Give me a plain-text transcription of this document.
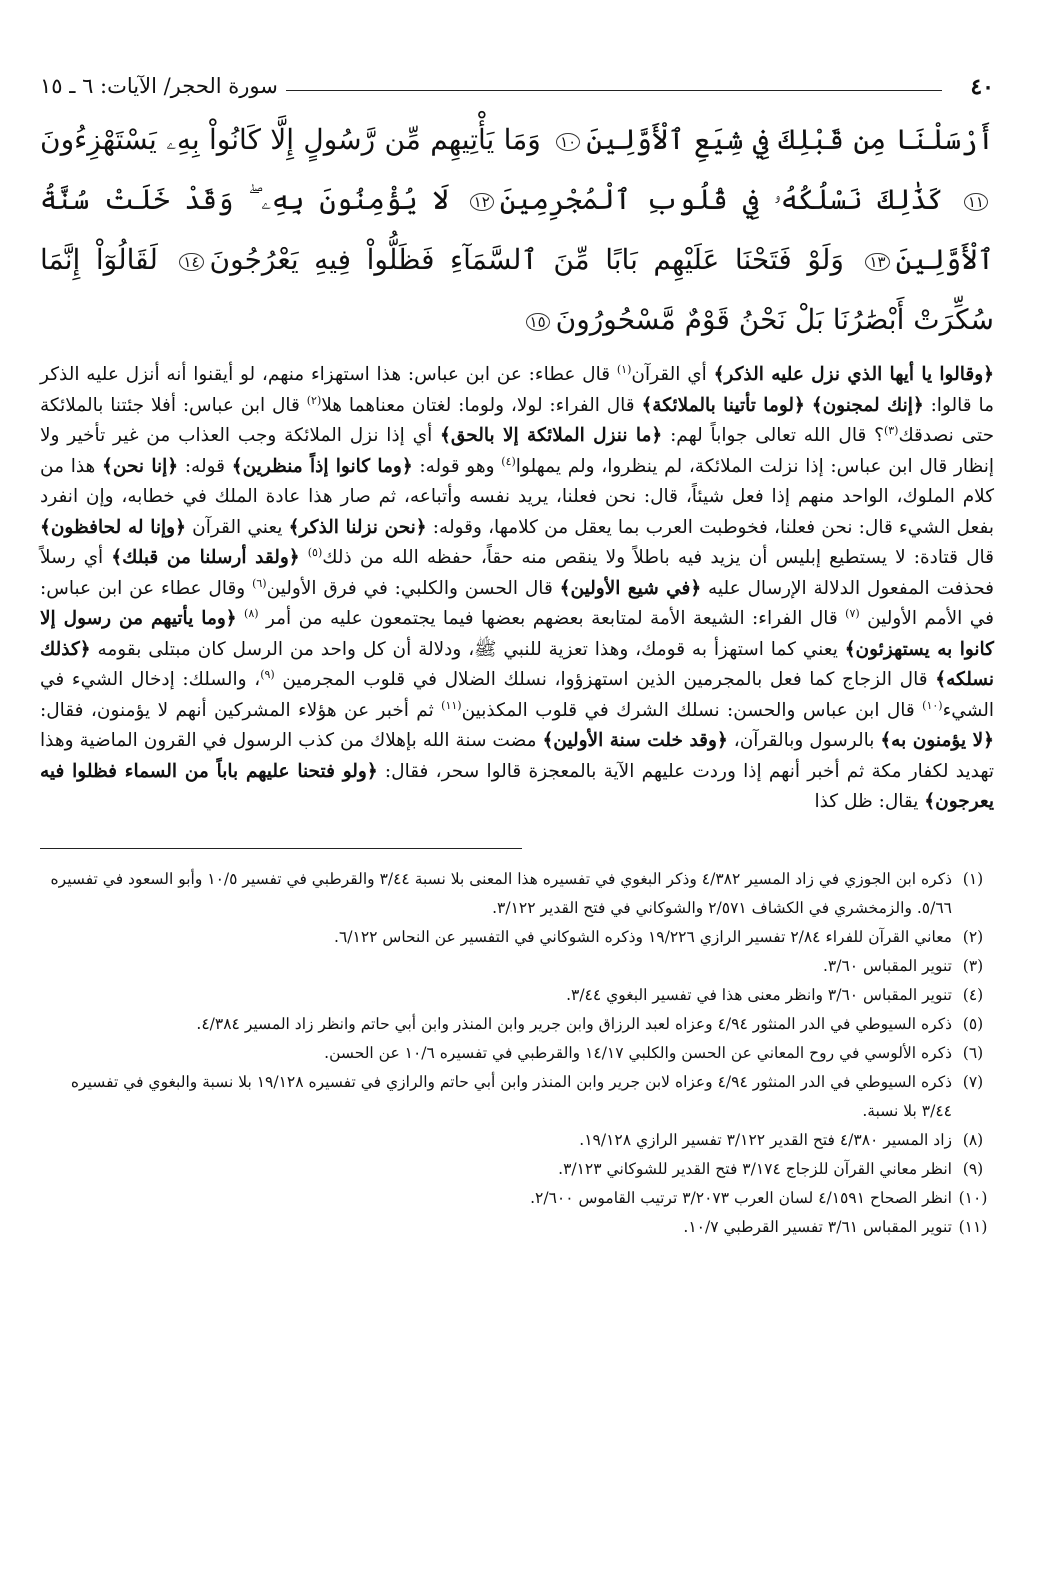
٤٠
سورة الحجر/ الآيات: ٦ ـ ١٥
أَرْسَلْنَا مِن قَبْلِكَ فِي شِيَعِ ٱلْأَوَّلِينَ١٠ وَمَا يَأْتِيهِم مِّن رَّسُولٍ إِلَّا كَانُواْ بِهِۦ يَسْتَهْزِءُونَ١١ كَذَٰلِكَ نَسْلُكُهُۥ فِي قُلُوبِ ٱلْمُجْرِمِينَ١٢ لَا يُؤْمِنُونَ بِهِۦ ۖ وَقَدْ خَلَتْ سُنَّةُ ٱلْأَوَّلِينَ١٣ وَلَوْ فَتَحْنَا عَلَيْهِم بَابًا مِّنَ ٱلسَّمَآءِ فَظَلُّواْ فِيهِ يَعْرُجُونَ١٤ لَقَالُوٓاْ إِنَّمَا سُكِّرَتْ أَبْصَٰرُنَا بَلْ نَحْنُ قَوْمٌ مَّسْحُورُونَ١٥

﴿وقالوا يا أيها الذي نزل عليه الذكر﴾ أي القرآن$^{(١)}$ قال عطاء: عن ابن عباس: هذا استهزاء منهم، لو أيقنوا أنه أنزل عليه الذكر ما قالوا: ﴿إنك لمجنون﴾ ﴿لوما تأتينا بالملائكة﴾ قال الفراء: لولا، ولوما: لغتان معناهما هلا$^{(٢)}$ قال ابن عباس: أفلا جئتنا بالملائكة حتى نصدقك$^{(٣)}$؟ قال الله تعالى جواباً لهم: ﴿ما ننزل الملائكة إلا بالحق﴾ أي إذا نزل الملائكة وجب العذاب من غير تأخير ولا إنظار قال ابن عباس: إذا نزلت الملائكة، لم ينظروا، ولم يمهلوا$^{(٤)}$ وهو قوله: ﴿وما كانوا إذاً منظرين﴾ قوله: ﴿إنا نحن﴾ هذا من كلام الملوك، الواحد منهم إذا فعل شيئاً، قال: نحن فعلنا، يريد نفسه وأتباعه، ثم صار هذا عادة الملك في خطابه، وإن انفرد بفعل الشيء قال: نحن فعلنا، فخوطبت العرب بما يعقل من كلامها، وقوله: ﴿نحن نزلنا الذكر﴾ يعني القرآن ﴿وإنا له لحافظون﴾ قال قتادة: لا يستطيع إبليس أن يزيد فيه باطلاً ولا ينقص منه حقاً، حفظه الله من ذلك$^{(٥)}$ ﴿ولقد أرسلنا من قبلك﴾ أي رسلاً فحذفت المفعول الدلالة الإرسال عليه ﴿في شيع الأولين﴾ قال الحسن والكلبي: في فرق الأولين$^{(٦)}$ وقال عطاء عن ابن عباس: في الأمم الأولين $^{(٧)}$ قال الفراء: الشيعة الأمة لمتابعة بعضهم بعضها فيما يجتمعون عليه من أمر $^{(٨)}$ ﴿وما يأتيهم من رسول إلا كانوا به يستهزئون﴾ يعني كما استهزأ به قومك، وهذا تعزية للنبي ﷺ، ودلالة أن كل واحد من الرسل كان مبتلى بقومه ﴿كذلك نسلكه﴾ قال الزجاج كما فعل بالمجرمين الذين استهزؤوا، نسلك الضلال في قلوب المجرمين $^{(٩)}$، والسلك: إدخال الشيء في الشيء$^{(١٠)}$ قال ابن عباس والحسن: نسلك الشرك في قلوب المكذبين$^{(١١)}$ ثم أخبر عن هؤلاء المشركين أنهم لا يؤمنون، فقال: ﴿لا يؤمنون به﴾ بالرسول وبالقرآن، ﴿وقد خلت سنة الأولين﴾ مضت سنة الله بإهلاك من كذب الرسول في القرون الماضية وهذا تهديد لكفار مكة ثم أخبر أنهم إذا وردت عليهم الآية بالمعجزة قالوا سحر، فقال: ﴿ولو فتحنا عليهم باباً من السماء فظلوا فيه يعرجون﴾ يقال: ظل كذا

(١)
ذكره ابن الجوزي في زاد المسير ٤/٣٨٢ وذكر البغوي في تفسيره هذا المعنى بلا نسبة ٣/٤٤ والقرطبي في تفسير ١٠/٥ وأبو السعود في تفسيره ٥/٦٦. والزمخشري في الكشاف ٢/٥٧١ والشوكاني في فتح القدير ٣/١٢٢.
(٢)
معاني القرآن للفراء ٢/٨٤ تفسير الرازي ١٩/٢٢٦ وذكره الشوكاني في التفسير عن النحاس ٦/١٢٢.
(٣)
تنوير المقباس ٣/٦٠.
(٤)
تنوير المقباس ٣/٦٠ وانظر معنى هذا في تفسير البغوي ٣/٤٤.
(٥)
ذكره السيوطي في الدر المنثور ٤/٩٤ وعزاه لعبد الرزاق وابن جرير وابن المنذر وابن أبي حاتم وانظر زاد المسير ٤/٣٨٤.
(٦)
ذكره الألوسي في روح المعاني عن الحسن والكلبي ١٤/١٧ والقرطبي في تفسيره ١٠/٦ عن الحسن.
(٧)
ذكره السيوطي في الدر المنثور ٤/٩٤ وعزاه لابن جرير وابن المنذر وابن أبي حاتم والرازي في تفسيره ١٩/١٢٨ بلا نسبة والبغوي في تفسيره ٣/٤٤ بلا نسبة.
(٨)
زاد المسير ٤/٣٨٠ فتح القدير ٣/١٢٢ تفسير الرازي ١٩/١٢٨.
(٩)
انظر معاني القرآن للزجاج ٣/١٧٤ فتح القدير للشوكاني ٣/١٢٣.
(١٠)
انظر الصحاح ٤/١٥٩١ لسان العرب ٣/٢٠٧٣ ترتيب القاموس ٢/٦٠٠.
(١١)
تنوير المقباس ٣/٦١ تفسير القرطبي ١٠/٧.
